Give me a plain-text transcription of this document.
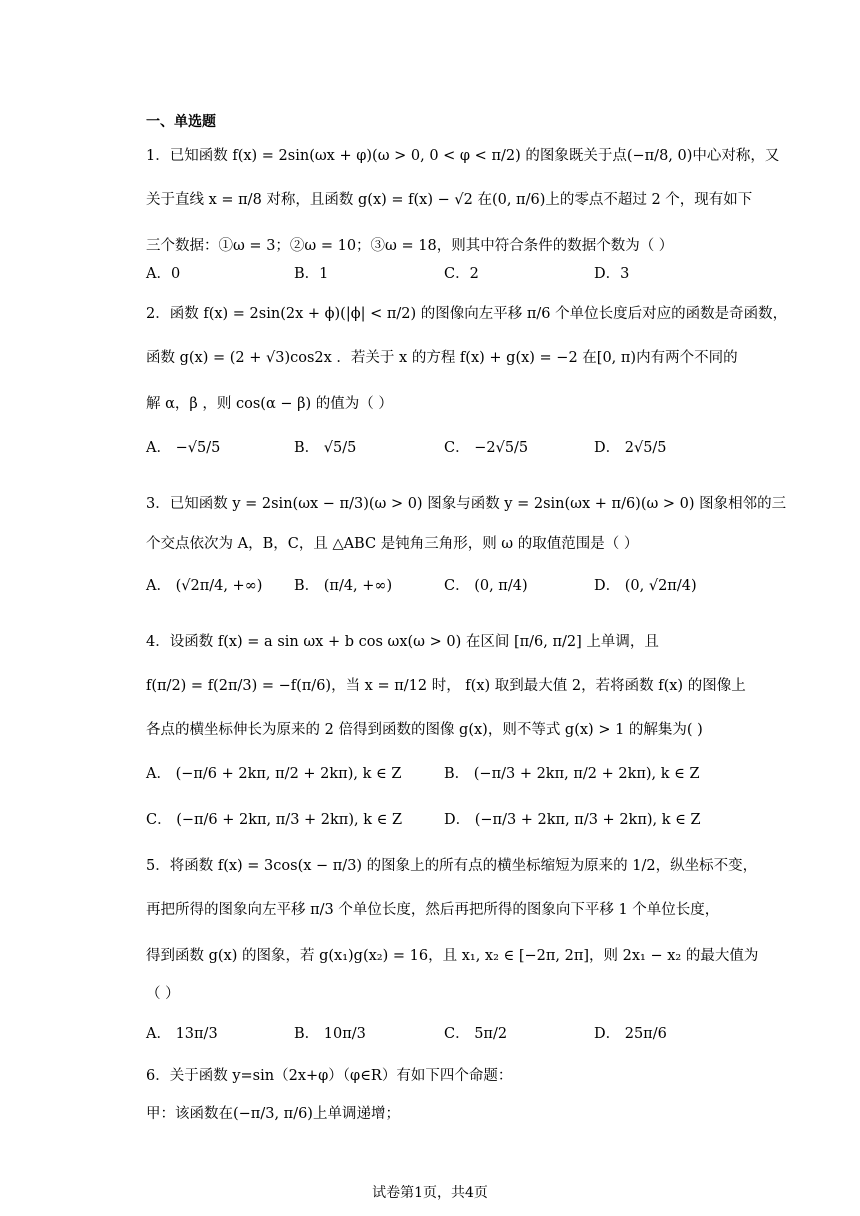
一、单选题
1．已知函数 f(x) = 2sin(ωx + φ)(ω > 0, 0 < φ < π/2) 的图象既关于点(−π/8, 0)中心对称，又
关于直线 x = π/8 对称，且函数 g(x) = f(x) − √2 在(0, π/6)上的零点不超过 2 个，现有如下
三个数据：①ω = 3；②ω = 10；③ω = 18，则其中符合条件的数据个数为（ ）
A．0	B．1	C．2	D．3
2．函数 f(x) = 2sin(2x + ϕ)(|ϕ| < π/2) 的图像向左平移 π/6 个单位长度后对应的函数是奇函数，
函数 g(x) = (2 + √3)cos2x ．若关于 x 的方程 f(x) + g(x) = −2 在[0, π)内有两个不同的
解 α，β ，则 cos(α − β) 的值为（ ）
A． −√5/5	B． √5/5	C． −2√5/5	D． 2√5/5
3．已知函数 y = 2sin(ωx − π/3)(ω > 0) 图象与函数 y = 2sin(ωx + π/6)(ω > 0) 图象相邻的三
个交点依次为 A，B，C，且 △ABC 是钝角三角形，则 ω 的取值范围是（ ）
A． (√2π/4, +∞) B． (π/4, +∞)	C． (0, π/4)	D． (0, √2π/4)
4．设函数 f(x) = a sin ωx + b cos ωx(ω > 0) 在区间 [π/6, π/2] 上单调，且
f(π/2) = f(2π/3) = −f(π/6)，当 x = π/12 时， f(x) 取到最大值 2，若将函数 f(x) 的图像上
各点的横坐标伸长为原来的 2 倍得到函数的图像 g(x)，则不等式 g(x) > 1 的解集为( )
A． (−π/6 + 2kπ, π/2 + 2kπ), k ∈ Z	B． (−π/3 + 2kπ, π/2 + 2kπ), k ∈ Z
C． (−π/6 + 2kπ, π/3 + 2kπ), k ∈ Z	D． (−π/3 + 2kπ, π/3 + 2kπ), k ∈ Z
5．将函数 f(x) = 3cos(x − π/3) 的图象上的所有点的横坐标缩短为原来的 1/2，纵坐标不变，
再把所得的图象向左平移 π/3 个单位长度，然后再把所得的图象向下平移 1 个单位长度，
得到函数 g(x) 的图象，若 g(x₁)g(x₂) = 16，且 x₁, x₂ ∈ [−2π, 2π]，则 2x₁ − x₂ 的最大值为
（ ）
A． 13π/3	B． 10π/3	C． 5π/2	D． 25π/6
6．关于函数 y=sin（2x+φ）（φ∈R）有如下四个命题：
甲：该函数在(−π/3, π/6)上单调递增；
试卷第1页，共4页
